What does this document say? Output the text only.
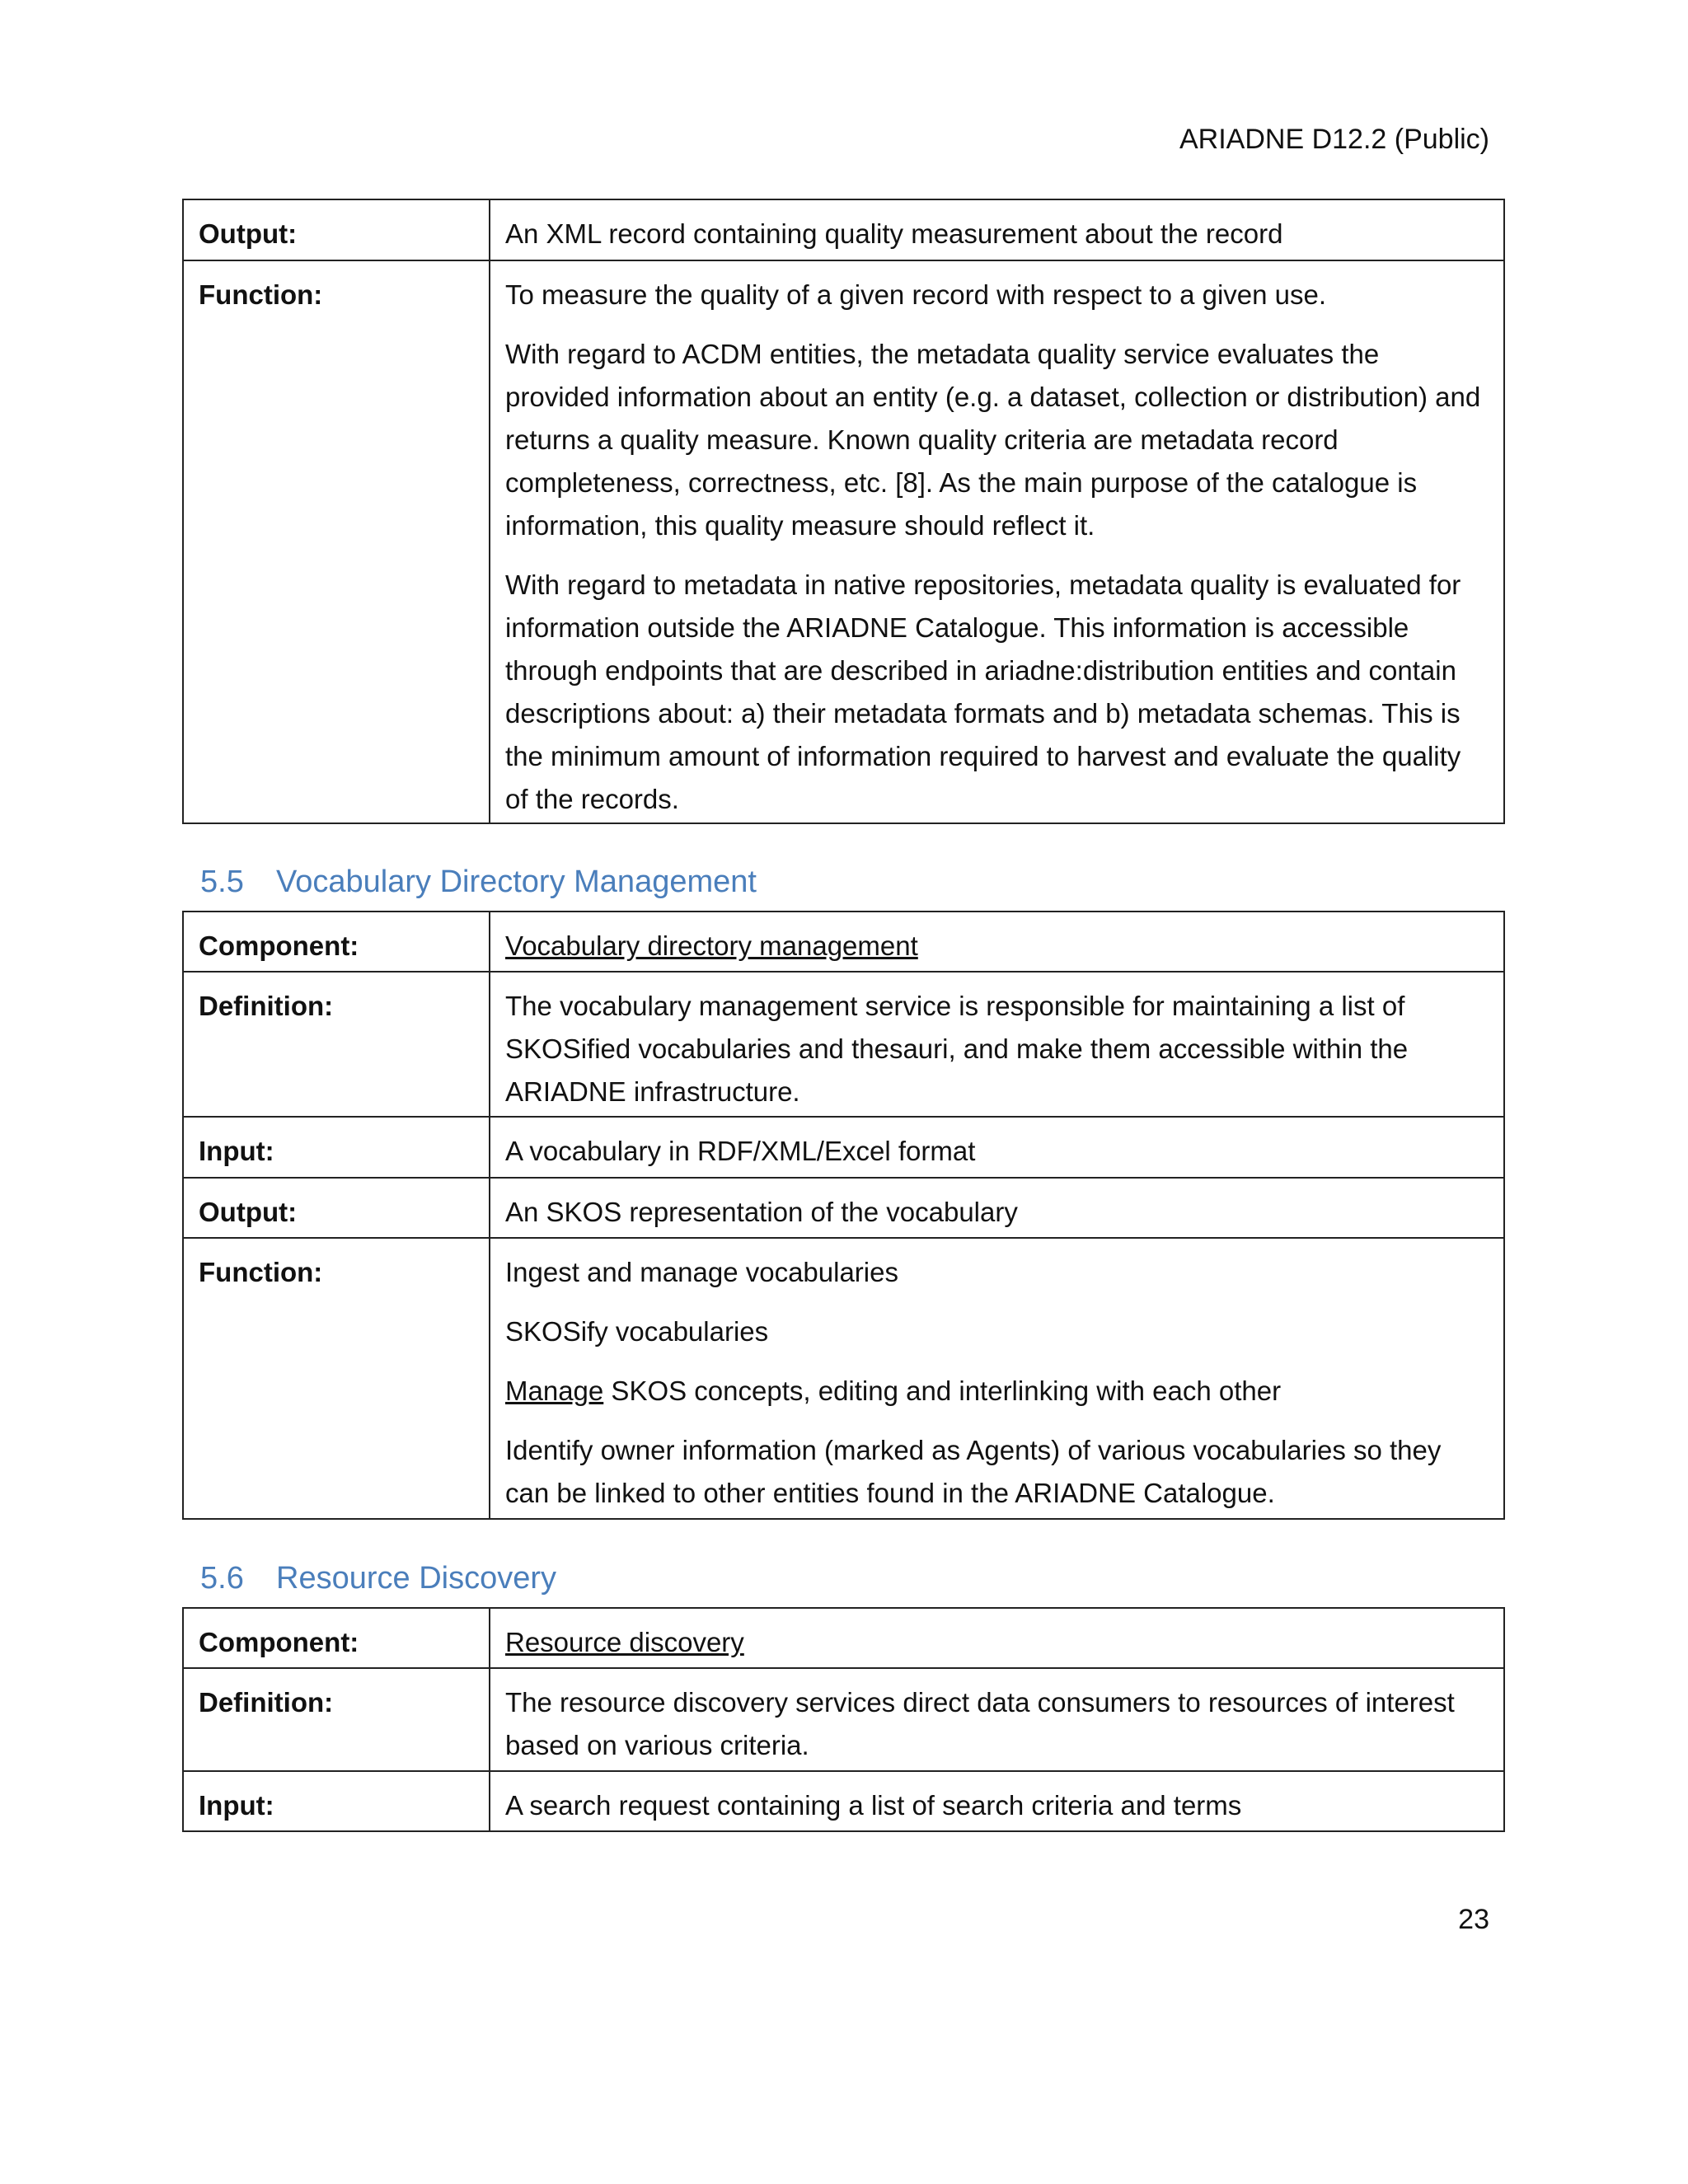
ARIADNE D12.2 (Public)
Output:	An XML record containing quality measurement about the record
Function:	To measure the quality of a given record with respect to a given use.

With regard to ACDM entities, the metadata quality service evaluates the provided information about an entity (e.g. a dataset, collection or distribution) and returns a quality measure. Known quality criteria are metadata record completeness, correctness, etc. [8]. As the main purpose of the catalogue is information, this quality measure should reflect it.

With regard to metadata in native repositories, metadata quality is evaluated for information outside the ARIADNE Catalogue. This information is accessible through endpoints that are described in ariadne:distribution entities and contain descriptions about: a) their metadata formats and b) metadata schemas. This is the minimum amount of information required to harvest and evaluate the quality of the records.

5.5 Vocabulary Directory Management
Component:	Vocabulary directory management
Definition:	The vocabulary management service is responsible for maintaining a list of SKOSified vocabularies and thesauri, and make them accessible within the ARIADNE infrastructure.
Input:	A vocabulary in RDF/XML/Excel format
Output:	An SKOS representation of the vocabulary
Function:	Ingest and manage vocabularies

SKOSify vocabularies

Manage SKOS concepts, editing and interlinking with each other

Identify owner information (marked as Agents) of various vocabularies so they can be linked to other entities found in the ARIADNE Catalogue.

5.6 Resource Discovery
Component:	Resource discovery
Definition:	The resource discovery services direct data consumers to resources of interest based on various criteria.
Input:	A search request containing a list of search criteria and terms
23
